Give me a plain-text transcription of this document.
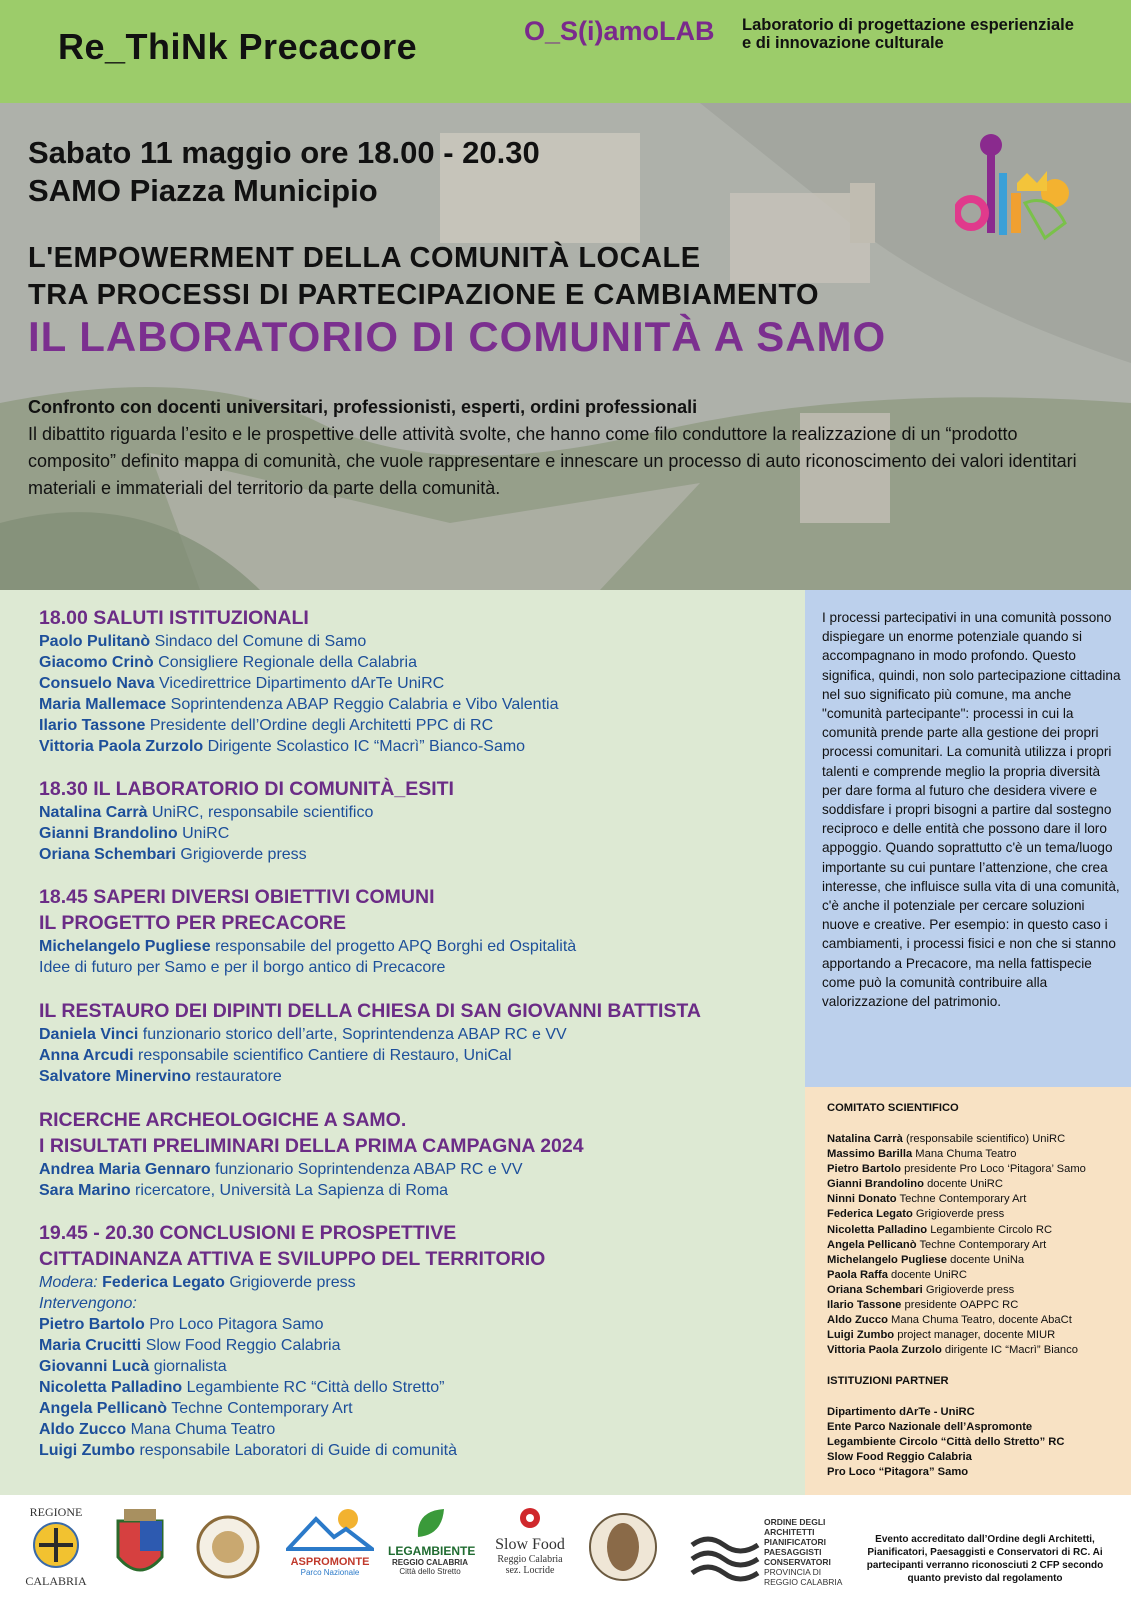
Re_ThiNk Precacore	O_S(i)amoLAB Laboratorio di progettazione esperienziale
e di innovazione culturale
Sabato 11 maggio ore 18.00 - 20.30
SAMO Piazza Municipio
L'EMPOWERMENT DELLA COMUNITÀ LOCALE
TRA PROCESSI DI PARTECIPAZIONE E CAMBIAMENTO
IL LABORATORIO DI COMUNITÀ A SAMO
Confronto con docenti universitari, professionisti, esperti, ordini professionali
Il dibattito riguarda l’esito e le prospettive delle attività svolte, che hanno come filo conduttore la realizzazione di un “prodotto composito” definito mappa di comunità, che vuole rappresentare e innescare un processo di auto riconoscimento dei valori identitari materiali e immateriali del territorio da parte della comunità.
18.00 SALUTI ISTITUZIONALI
Paolo Pulitanò Sindaco del Comune di Samo
Giacomo Crinò Consigliere Regionale della Calabria
Consuelo Nava Vicedirettrice Dipartimento dArTe UniRC
Maria Mallemace Soprintendenza ABAP Reggio Calabria e Vibo Valentia
Ilario Tassone Presidente dell’Ordine degli Architetti PPC di RC
Vittoria Paola Zurzolo Dirigente Scolastico IC “Macrì” Bianco-Samo
18.30 IL LABORATORIO DI COMUNITÀ_ESITI
Natalina Carrà UniRC, responsabile scientifico
Gianni Brandolino UniRC
Oriana Schembari Grigioverde press
18.45 SAPERI DIVERSI OBIETTIVI COMUNI
IL PROGETTO PER PRECACORE
Michelangelo Pugliese responsabile del progetto APQ Borghi ed Ospitalità
Idee di futuro per Samo e per il borgo antico di Precacore
IL RESTAURO DEI DIPINTI DELLA CHIESA DI SAN GIOVANNI BATTISTA
Daniela Vinci funzionario storico dell’arte, Soprintendenza ABAP RC e VV
Anna Arcudi responsabile scientifico Cantiere di Restauro, UniCal
Salvatore Minervino restauratore
RICERCHE ARCHEOLOGICHE A SAMO.
I RISULTATI PRELIMINARI DELLA PRIMA CAMPAGNA 2024
Andrea Maria Gennaro funzionario Soprintendenza ABAP RC e VV
Sara Marino ricercatore, Università La Sapienza di Roma
19.45 - 20.30 CONCLUSIONI E PROSPETTIVE
CITTADINANZA ATTIVA E SVILUPPO DEL TERRITORIO
Modera: Federica Legato Grigioverde press
Intervengono:
Pietro Bartolo Pro Loco Pitagora Samo
Maria Crucitti Slow Food Reggio Calabria
Giovanni Lucà giornalista
Nicoletta Palladino Legambiente RC “Città dello Stretto”
Angela Pellicanò Techne Contemporary Art
Aldo Zucco Mana Chuma Teatro
Luigi Zumbo responsabile Laboratori di Guide di comunità

I processi partecipativi in una comunità possono dispiegare un enorme potenziale quando si accompagnano in modo profondo. Questo significa, quindi, non solo partecipazione cittadina nel suo significato più comune, ma anche "comunità partecipante": processi in cui la comunità prende parte alla gestione dei propri processi comunitari. La comunità utilizza i propri talenti e comprende meglio la propria diversità per dare forma al futuro che desidera vivere e soddisfare i propri bisogni a partire dal sostegno reciproco e delle entità che possono dare il loro appoggio. Quando soprattutto c'è un tema/luogo importante su cui puntare l’attenzione, che crea interesse, che influisce sulla vita di una comunità, c'è anche il potenziale per cercare soluzioni nuove e creative. Per esempio: in questo caso i cambiamenti, i processi fisici e non che si stanno apportando a Precacore, ma nella fattispecie come può la comunità contribuire alla valorizzazione del patrimonio.

COMITATO SCIENTIFICO
Natalina Carrà (responsabile scientifico) UniRC
Massimo Barilla Mana Chuma Teatro
Pietro Bartolo presidente Pro Loco ‘Pitagora’ Samo
Gianni Brandolino docente UniRC
Ninni Donato Techne Contemporary Art
Federica Legato Grigioverde press
Nicoletta Palladino Legambiente Circolo RC
Angela Pellicanò Techne Contemporary Art
Michelangelo Pugliese docente UniNa
Paola Raffa docente UniRC
Oriana Schembari Grigioverde press
Ilario Tassone presidente OAPPC RC
Aldo Zucco Mana Chuma Teatro, docente AbaCt
Luigi Zumbo project manager, docente MIUR
Vittoria Paola Zurzolo dirigente IC “Macrì” Bianco
ISTITUZIONI PARTNER
Dipartimento dArTe - UniRC
Ente Parco Nazionale dell’Aspromonte
Legambiente Circolo “Città dello Stretto” RC
Slow Food Reggio Calabria
Pro Loco “Pitagora” Samo
REGIONE
CALABRIA
ASPROMONTE
Parco Nazionale
LEGAMBIENTE
REGGIO CALABRIA
Città dello Stretto
Slow Food
Reggio Calabria
sez. Locride
ORDINE DEGLI
ARCHITETTI
PIANIFICATORI
PAESAGGISTI
CONSERVATORI
PROVINCIA DI
REGGIO CALABRIA
Evento accreditato dall’Ordine degli Architetti, Pianificatori, Paesaggisti e Conservatori di RC. Ai partecipanti verranno riconosciuti 2 CFP secondo quanto previsto dal regolamento
